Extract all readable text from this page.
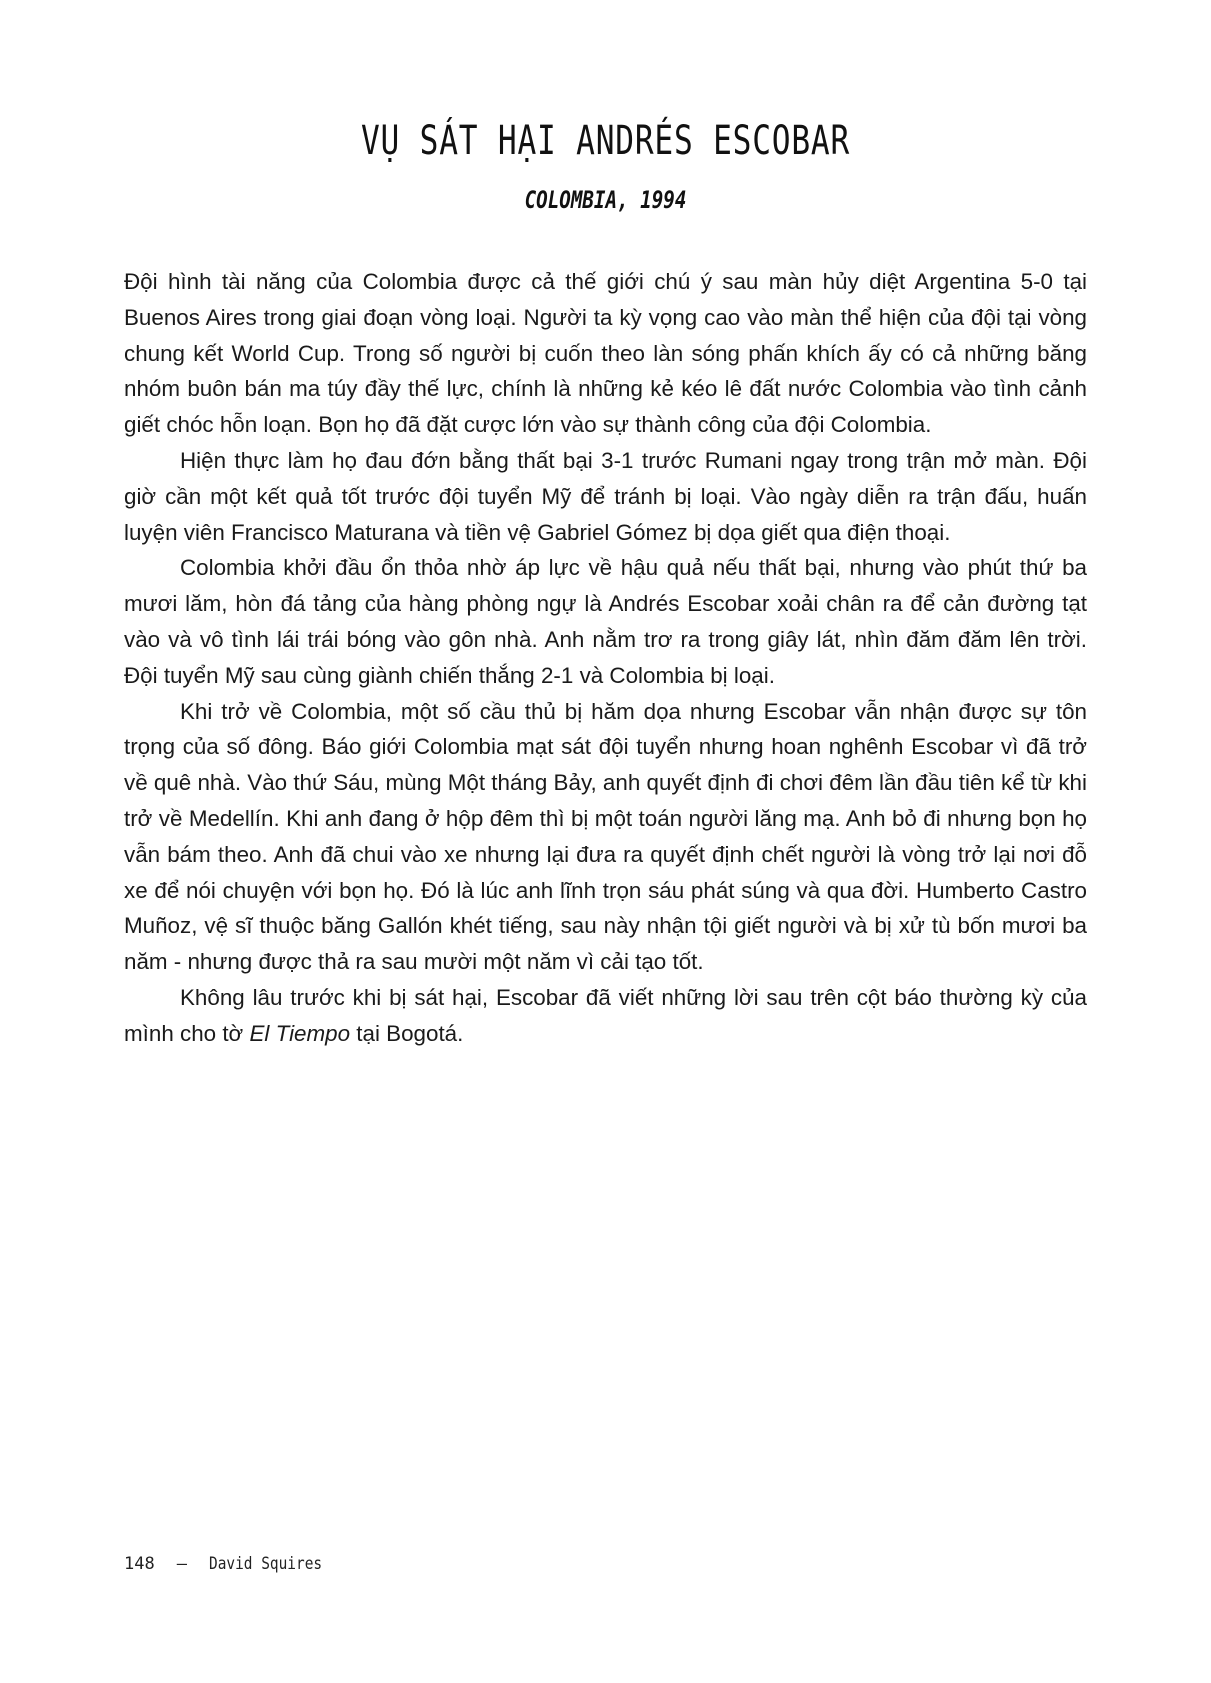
VỤ SÁT HẠI ANDRÉS ESCOBAR
COLOMBIA, 1994

Đội hình tài năng của Colombia được cả thế giới chú ý sau màn hủy diệt Argentina 5-0 tại Buenos Aires trong giai đoạn vòng loại. Người ta kỳ vọng cao vào màn thể hiện của đội tại vòng chung kết World Cup. Trong số người bị cuốn theo làn sóng phấn khích ấy có cả những băng nhóm buôn bán ma túy đầy thế lực, chính là những kẻ kéo lê đất nước Colombia vào tình cảnh giết chóc hỗn loạn. Bọn họ đã đặt cược lớn vào sự thành công của đội Colombia.

Hiện thực làm họ đau đớn bằng thất bại 3-1 trước Rumani ngay trong trận mở màn. Đội giờ cần một kết quả tốt trước đội tuyển Mỹ để tránh bị loại. Vào ngày diễn ra trận đấu, huấn luyện viên Francisco Maturana và tiền vệ Gabriel Gómez bị dọa giết qua điện thoại.

Colombia khởi đầu ổn thỏa nhờ áp lực về hậu quả nếu thất bại, nhưng vào phút thứ ba mươi lăm, hòn đá tảng của hàng phòng ngự là Andrés Escobar xoải chân ra để cản đường tạt vào và vô tình lái trái bóng vào gôn nhà. Anh nằm trơ ra trong giây lát, nhìn đăm đăm lên trời. Đội tuyển Mỹ sau cùng giành chiến thắng 2-1 và Colombia bị loại.

Khi trở về Colombia, một số cầu thủ bị hăm dọa nhưng Escobar vẫn nhận được sự tôn trọng của số đông. Báo giới Colombia mạt sát đội tuyển nhưng hoan nghênh Escobar vì đã trở về quê nhà. Vào thứ Sáu, mùng Một tháng Bảy, anh quyết định đi chơi đêm lần đầu tiên kể từ khi trở về Medellín. Khi anh đang ở hộp đêm thì bị một toán người lăng mạ. Anh bỏ đi nhưng bọn họ vẫn bám theo. Anh đã chui vào xe nhưng lại đưa ra quyết định chết người là vòng trở lại nơi đỗ xe để nói chuyện với bọn họ. Đó là lúc anh lĩnh trọn sáu phát súng và qua đời. Humberto Castro Muñoz, vệ sĩ thuộc băng Gallón khét tiếng, sau này nhận tội giết người và bị xử tù bốn mươi ba năm - nhưng được thả ra sau mười một năm vì cải tạo tốt.

Không lâu trước khi bị sát hại, Escobar đã viết những lời sau trên cột báo thường kỳ của mình cho tờ El Tiempo tại Bogotá.

148 – David Squires
